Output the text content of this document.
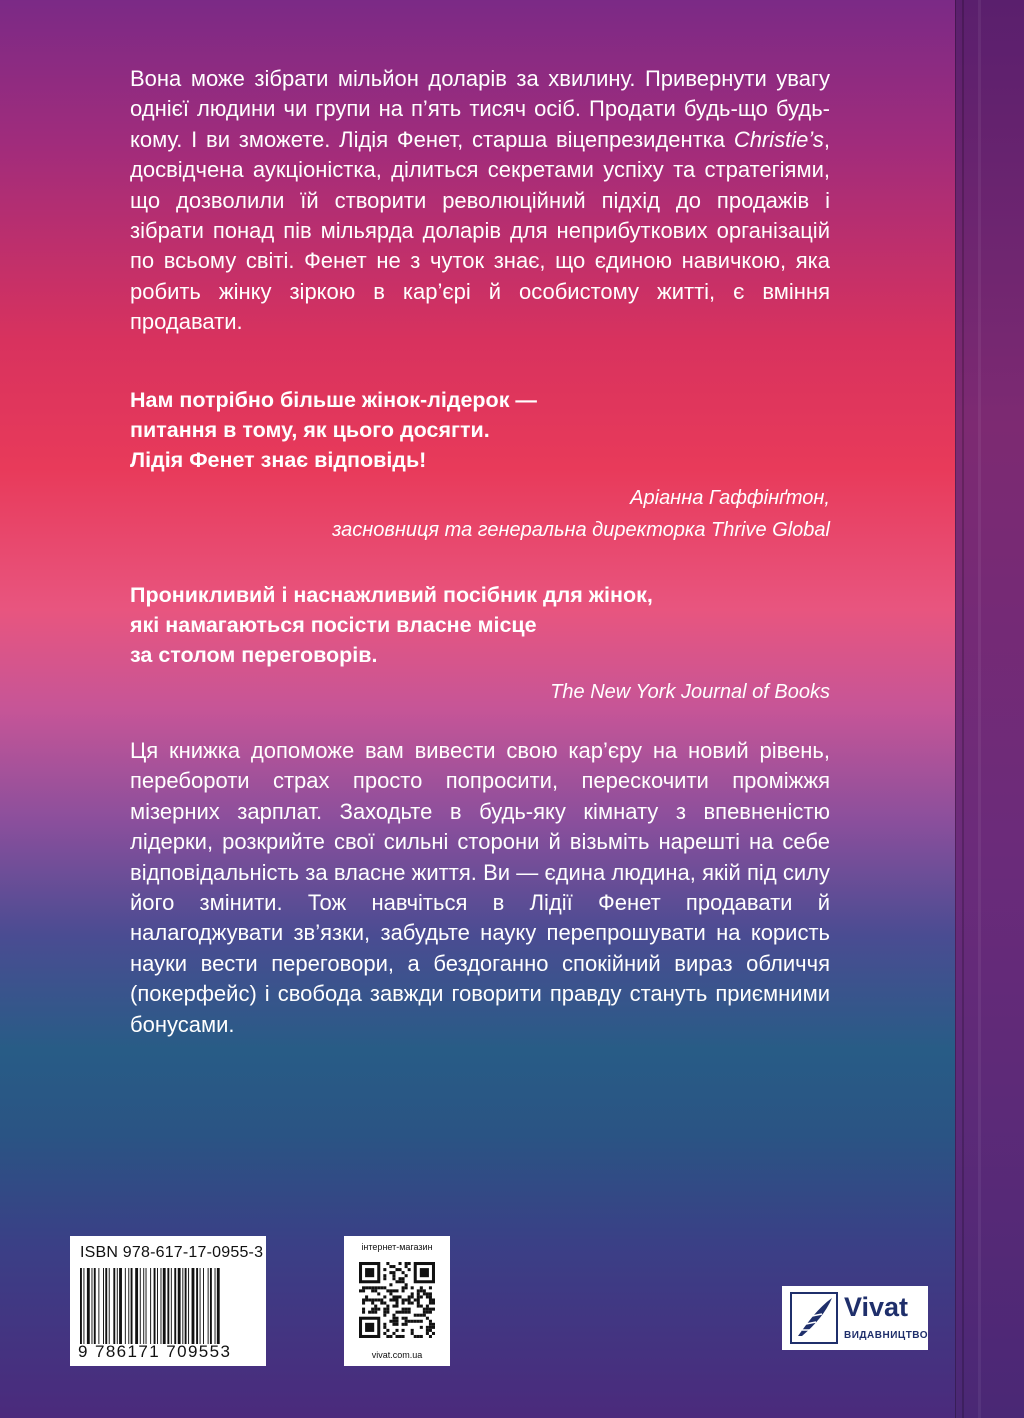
Вона може зібрати мільйон доларів за хвилину. Привернути увагу однієї людини чи групи на п’ять тисяч осіб. Продати будь-що будь-кому. І ви зможете. Лідія Фенет, старша віцепрезидентка Christie’s, досвідчена аукціоністка, ділиться секретами успіху та стратегіями, що дозволили їй створити революційний підхід до продажів і зібрати понад пів мільярда доларів для неприбуткових організацій по всьому світі. Фенет не з чуток знає, що єдиною навичкою, яка робить жінку зіркою в кар’єрі й особистому житті, є вміння продавати.

Нам потрібно більше жінок-лідерок —
питання в тому, як цього досягти.
Лідія Фенет знає відповідь!
Аріанна Гаффінґтон,
засновниця та генеральна директорка Thrive Global
Проникливий і наснажливий посібник для жінок,
які намагаються посісти власне місце
за столом переговорів.
The New York Journal of Books

Ця книжка допоможе вам вивести свою кар’єру на новий рівень, перебороти страх просто попросити, перескочити проміжжя мізерних зарплат. Заходьте в будь-яку кімнату з впевненістю лідерки, розкрийте свої сильні сторони й візьміть нарешті на себе відповідальність за власне життя. Ви — єдина людина, якій під силу його змінити. Тож навчіться в Лідії Фенет продавати й налагоджувати зв’язки, забудьте науку перепрошувати на користь науки вести переговори, а бездоганно спокійний вираз обличчя (покерфейс) і свобода завжди говорити правду стануть приємними бонусами.

ISBN 978-617-17-0955-3
9 786171 709553
інтернет-магазин
vivat.com.ua
Vivat
ВИДАВНИЦТВО
